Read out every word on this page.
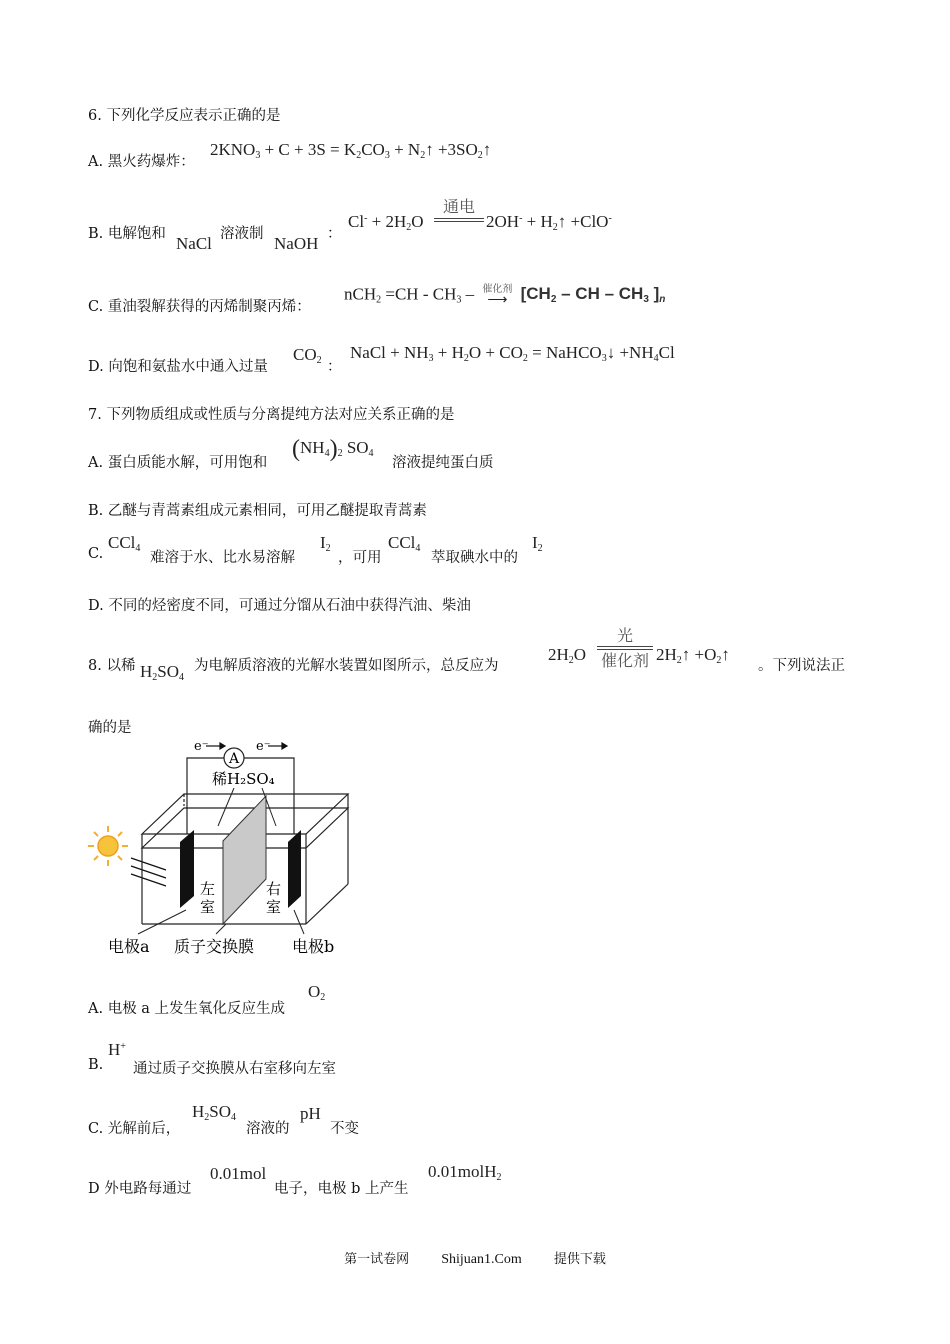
6. 下列化学反应表示正确的是
A. 黑火药爆炸：
$2KNO_3 + C + 3S = K_2CO_3$ + $N_2↑$ $+3SO_2↑$
B. 电解饱和 NaCl 溶液制 NaOH ：
$Cl^- + 2H_2O$
通电
$2OH^- + H_2↑ +ClO^-$
C. 重油裂解获得的丙烯制聚丙烯：
$nCH_2 =CH - CH_3$ – 催化剂
⟶ [$CH_2$ – CH – $CH_3$ ]$_n$
D. 向饱和氨盐水中通入过量
$CO_2$ ：
NaCl + $NH_3 + H_2O + CO_2$ = NaHCO$_3$↓ $+NH_4Cl$
7. 下列物质组成或性质与分离提纯方法对应关系正确的是
A. 蛋白质能水解，可用饱和
$(NH_4)_2$ $SO_4$
溶液提纯蛋白质
B. 乙醚与青蒿素组成元素相同，可用乙醚提取青蒿素
C.
CCl$_4$
难溶于水、比水易溶解
$I_2$
，可用
CCl$_4$
萃取碘水中的
$I_2$
D. 不同的烃密度不同，可通过分馏从石油中获得汽油、柴油
8. 以稀 $H_2SO_4$
为电解质溶液的光解水装置如图所示，总反应为
$2H_2O$
光
催化剂 $2H_2↑$ $+O_2↑$
。下列说法正
确的是
A
e⁻	e⁻
稀H₂SO₄
左
室
右
室
电极a 质子交换膜 电极b
A. 电极 a 上发生氧化反应生成
$O_2$
B.
H+
通过质子交换膜从右室移向左室
C. 光解前后，
$H_2SO_4$
溶液的
pH
不变
D 外电路每通过
0.01mol
电子，电极 b 上产生
0.01molH$_2$
第一试卷网 Shijuan1.Com 提供下载
